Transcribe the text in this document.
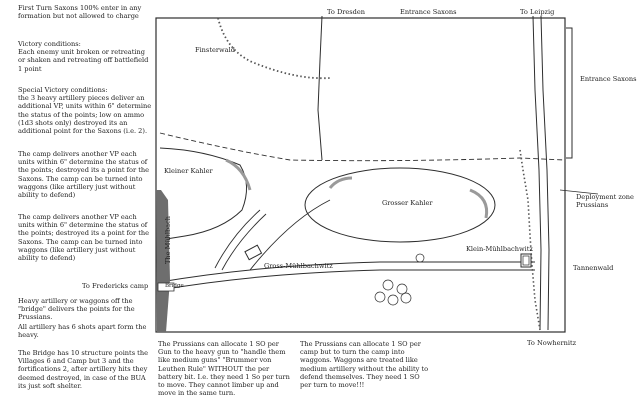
First Turn Saxons 100% enter in any formation but not allowed to charge

Victory conditions:
Each enemy unit broken or retreating or shaken and retreating off battlefield 1 point

Special Victory conditions:
the 3 heavy artillery pieces deliver an additional VP, units within 6" determine the status of the points; low on ammo (1d3 shots only) destroyed its an additional point for the Saxons (i.e. 2).

The camp delivers another VP each units within 6" determine the status of the points; destroyed its a point for the Saxons. The camp can be turned into waggons (like artillery just without ability to defend)

The camp delivers another VP each units within 6" determine the status of the points; destroyed its a point for the Saxons. The camp can be turned into waggons (like artillery just without ability to defend)

Heavy artillery or waggons off the "bridge" delivers the points for the Prussians.

All artillery has 6 shots apart form the heavy.

The Bridge has 10 structure points the Villages 6 and Camp but 3 and the fortifications 2, after artillery hits they deemed destroyed, in case of the BUA its just soft shelter.

The Prussians can allocate 1 SO per Gun to the heavy gun to "handle them like medium guns" "Brummer von Leuthen Rule" WITHOUT the per battery bit. I.e. they need 1 So per turn to move. They cannot limber up and move in the same turn.

The Prussians can allocate 1 SO per camp but to turn the camp into waggons. Waggons are treated like medium artillery without the ability to defend themselves. They need 1 SO per turn to move!!!

To Dresden	Entrance Saxons	To Leipzig
Entrance Saxons
Finsterwald
Kleiner Kahler
Grosser Kahler
Deployment zone
Prussians
Klein-Mühlbachwitz
Tannenwald
Gross-Mühlbachwitz
The Mühlbach
Bridge
To Fredericks camp
To Nowhernitz
